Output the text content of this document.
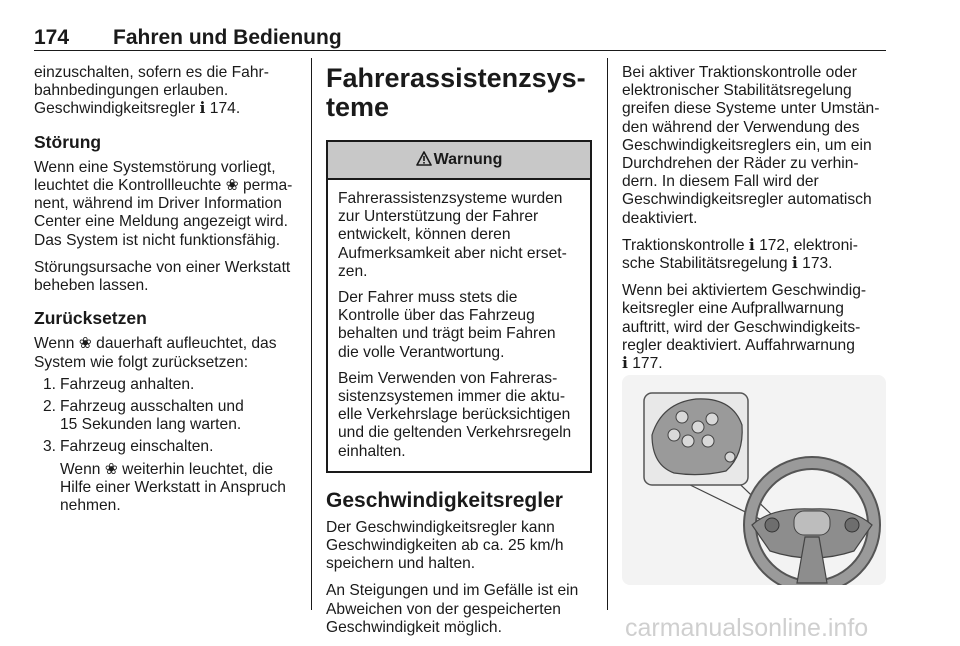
174 Fahren und Bedienung

einzuschalten, sofern es die Fahr-
bahnbedingungen erlauben.
Geschwindigkeitsregler ℹ 174.

Störung

Wenn eine Systemstörung vorliegt,
leuchtet die Kontrollleuchte ❀ perma-
nent, während im Driver Information
Center eine Meldung angezeigt wird.
Das System ist nicht funktionsfähig.

Störungsursache von einer Werkstatt
beheben lassen.

Zurücksetzen

Wenn ❀ dauerhaft aufleuchtet, das
System wie folgt zurücksetzen:

1. Fahrzeug anhalten.
2. Fahrzeug ausschalten und
15 Sekunden lang warten.
3. Fahrzeug einschalten.

Wenn ❀ weiterhin leuchtet, die
Hilfe einer Werkstatt in Anspruch
nehmen.

Fahrerassistenzsys-
teme
Warnung

Fahrerassistenzsysteme wurden
zur Unterstützung der Fahrer
entwickelt, können deren
Aufmerksamkeit aber nicht erset-
zen.

Der Fahrer muss stets die
Kontrolle über das Fahrzeug
behalten und trägt beim Fahren
die volle Verantwortung.

Beim Verwenden von Fahreras-
sistenzsystemen immer die aktu-
elle Verkehrslage berücksichtigen
und die geltenden Verkehrsregeln
einhalten.

Geschwindigkeitsregler

Der Geschwindigkeitsregler kann
Geschwindigkeiten ab ca. 25 km/h
speichern und halten.

An Steigungen und im Gefälle ist ein
Abweichen von der gespeicherten
Geschwindigkeit möglich.

Bei aktiver Traktionskontrolle oder
elektronischer Stabilitätsregelung
greifen diese Systeme unter Umstän-
den während der Verwendung des
Geschwindigkeitsreglers ein, um ein
Durchdrehen der Räder zu verhin-
dern. In diesem Fall wird der
Geschwindigkeitsregler automatisch
deaktiviert.

Traktionskontrolle ℹ 172, elektroni-
sche Stabilitätsregelung ℹ 173.

Wenn bei aktiviertem Geschwindig-
keitsregler eine Aufprallwarnung
auftritt, wird der Geschwindigkeits-
regler deaktiviert. Auffahrwarnung
ℹ 177.

carmanualsonline.info
